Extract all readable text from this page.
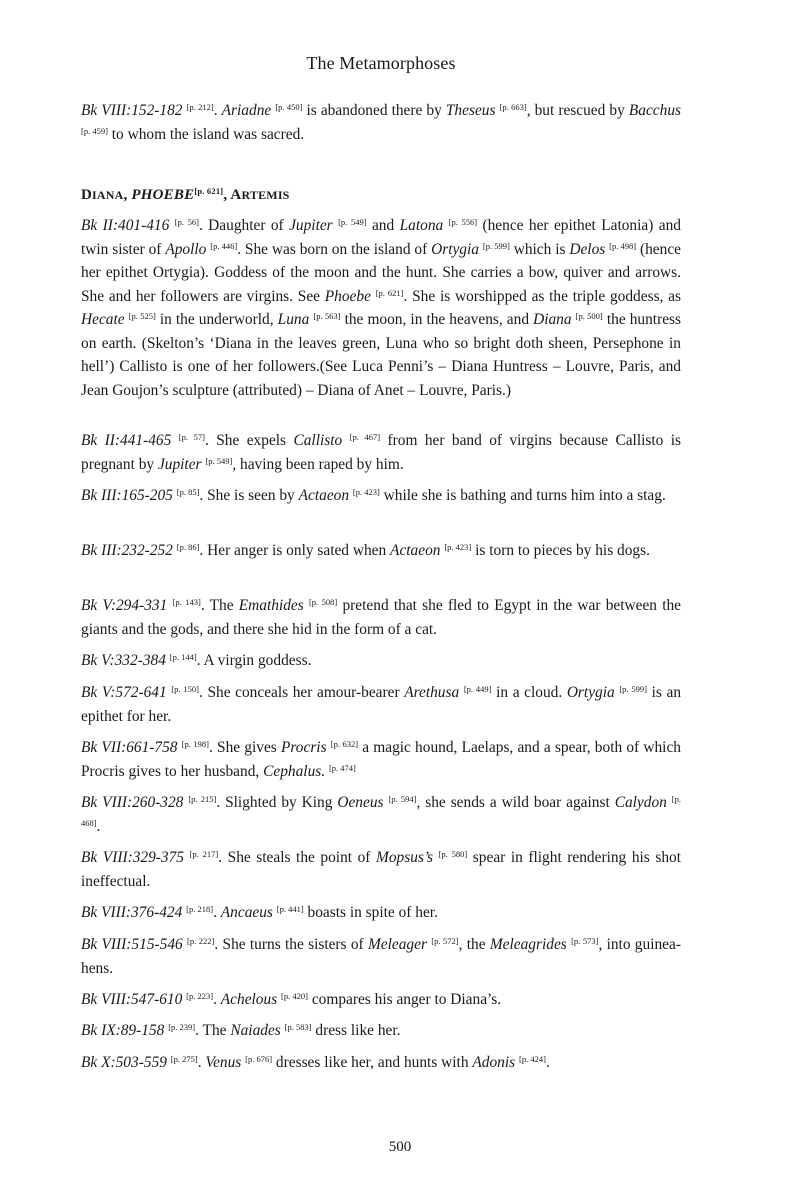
The Metamorphoses

Bk VIII:152-182 [p. 212]. Ariadne [p. 450] is abandoned there by Theseus [p. 663], but rescued by Bacchus [p. 459] to whom the island was sacred.

DIANA, PHOEBE[p. 621], ARTEMIS

Bk II:401-416 [p. 56]. Daughter of Jupiter [p. 549] and Latona [p. 556] (hence her epithet Latonia) and twin sister of Apollo [p. 446]. She was born on the island of Ortygia [p. 599] which is Delos [p. 498] (hence her epithet Ortygia). Goddess of the moon and the hunt. She carries a bow, quiver and arrows. She and her followers are virgins. See Phoebe [p. 621]. She is worshipped as the triple goddess, as Hecate [p. 525] in the underworld, Luna [p. 563] the moon, in the heavens, and Diana [p. 500] the huntress on earth. (Skelton’s ‘Diana in the leaves green, Luna who so bright doth sheen, Persephone in hell’) Callisto is one of her followers.(See Luca Penni’s – Diana Huntress – Louvre, Paris, and Jean Goujon’s sculpture (attributed) – Diana of Anet – Louvre, Paris.)

Bk II:441-465 [p. 57]. She expels Callisto [p. 467] from her band of virgins because Callisto is pregnant by Jupiter [p. 549], having been raped by him.

Bk III:165-205 [p. 85]. She is seen by Actaeon [p. 423] while she is bathing and turns him into a stag.

Bk III:232-252 [p. 86]. Her anger is only sated when Actaeon [p. 423] is torn to pieces by his dogs.

Bk V:294-331 [p. 143]. The Emathides [p. 508] pretend that she fled to Egypt in the war between the giants and the gods, and there she hid in the form of a cat.

Bk V:332-384 [p. 144]. A virgin goddess.

Bk V:572-641 [p. 150]. She conceals her amour-bearer Arethusa [p. 449] in a cloud. Ortygia [p. 599] is an epithet for her.

Bk VII:661-758 [p. 198]. She gives Procris [p. 632] a magic hound, Laelaps, and a spear, both of which Procris gives to her husband, Cephalus. [p. 474]

Bk VIII:260-328 [p. 215]. Slighted by King Oeneus [p. 594], she sends a wild boar against Calydon [p. 468].

Bk VIII:329-375 [p. 217]. She steals the point of Mopsus’s [p. 580] spear in flight rendering his shot ineffectual.

Bk VIII:376-424 [p. 218]. Ancaeus [p. 441] boasts in spite of her.

Bk VIII:515-546 [p. 222]. She turns the sisters of Meleager [p. 572], the Meleagrides [p. 573], into guinea-hens.

Bk VIII:547-610 [p. 223]. Achelous [p. 420] compares his anger to Diana’s.

Bk IX:89-158 [p. 239]. The Naiades [p. 583] dress like her.

Bk X:503-559 [p. 275]. Venus [p. 676] dresses like her, and hunts with Adonis [p. 424].

500
